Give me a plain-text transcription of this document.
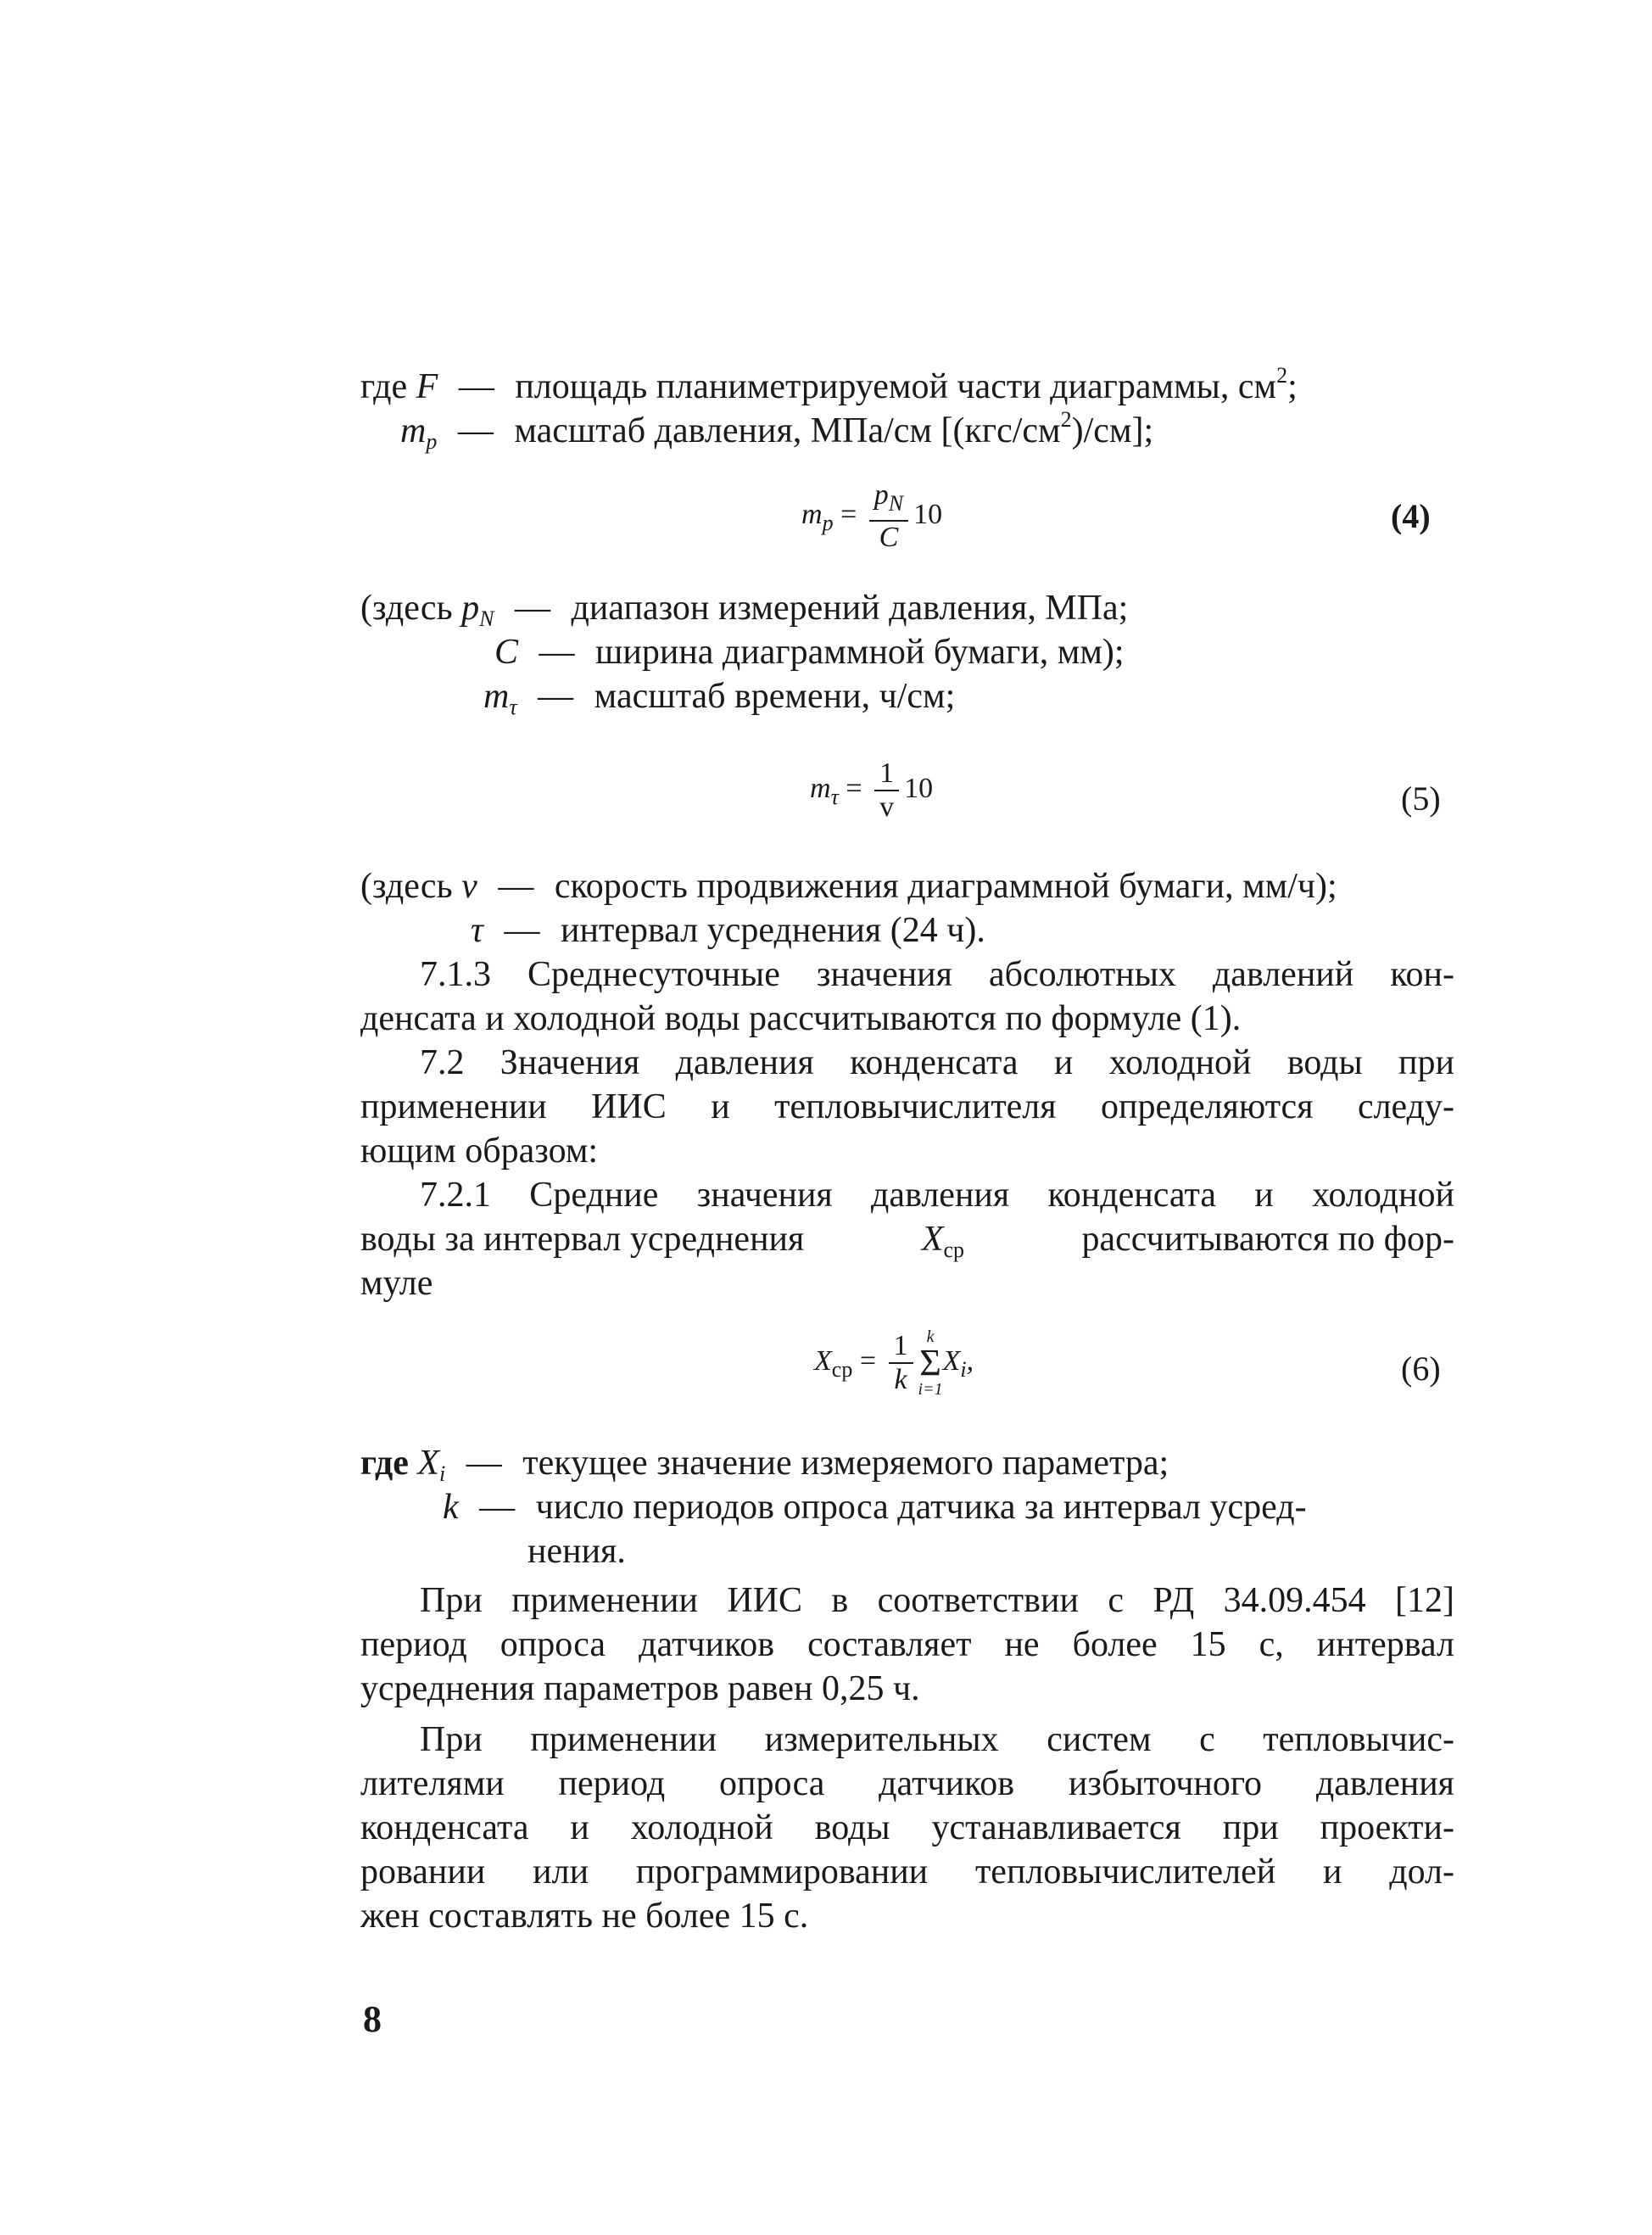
где F — площадь планиметрируемой части диаграммы, $см^2$;
$m_p$ — масштаб давления, МПа/см $[(кгс/см^2)/см]$;
$m_p = \frac{p_N}{C} 10$	(4)
(здесь $p_N$ — диапазон измерений давления, МПа;
C — ширина диаграммной бумаги, мм);
$m_\tau$ — масштаб времени, ч/см;
$m_\tau = \frac{1}{v} 10$	(5)
(здесь v — скорость продвижения диаграммной бумаги, мм/ч);
τ — интервал усреднения (24 ч).
7.1.3 Среднесуточные значения абсолютных давлений кон-
денсата и холодной воды рассчитываются по формуле (1).
7.2 Значения давления конденсата и холодной воды при
применении ИИС и тепловычислителя определяются следу-
ющим образом:
7.2.1 Средние значения давления конденсата и холодной
воды за интервал усреднения	$X_{ср}$	рассчитываются по фор-
муле
$X_{ср} = \frac{1}{k}$ k
Σ
i=1
$X_i$,	(6)
где $X_i$ — текущее значение измеряемого параметра;
k — число периодов опроса датчика за интервал усред-
нения.
При применении ИИС в соответствии с РД 34.09.454 [12]
период опроса датчиков составляет не более 15 с, интервал
усреднения параметров равен 0,25 ч.
При применении измерительных систем с тепловычис-
лителями период опроса датчиков избыточного давления
конденсата и холодной воды устанавливается при проекти-
ровании или программировании тепловычислителей и дол-
жен составлять не более 15 с.
8
